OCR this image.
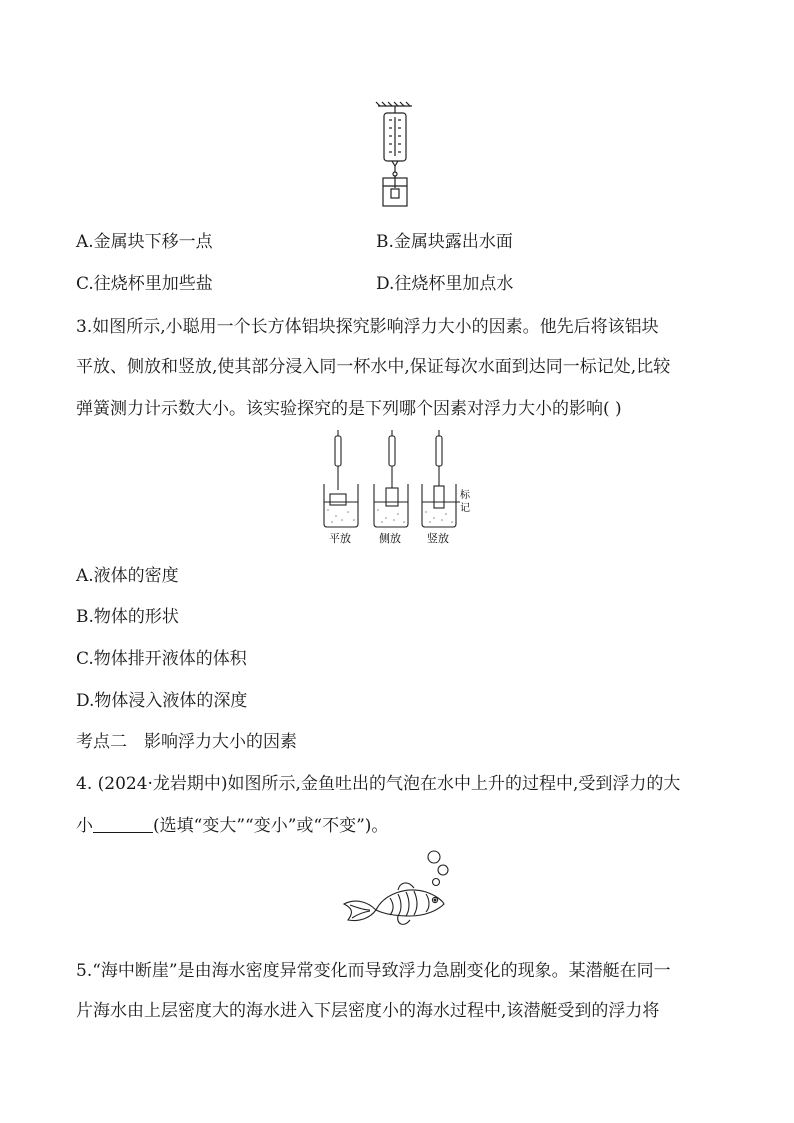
A.金属块下移一点	B.金属块露出水面
C.往烧杯里加些盐	D.往烧杯里加点水
3.如图所示,小聪用一个长方体铝块探究影响浮力大小的因素。他先后将该铝块
平放、侧放和竖放,使其部分浸入同一杯水中,保证每次水面到达同一标记处,比较
弹簧测力计示数大小。该实验探究的是下列哪个因素对浮力大小的影响( )
标
记
平放	侧放 竖放
A.液体的密度
B.物体的形状
C.物体排开液体的体积
D.物体浸入液体的深度
考点二　影响浮力大小的因素
4. (2024·龙岩期中)如图所示,金鱼吐出的气泡在水中上升的过程中,受到浮力的大
小	(选填“变大”“变小”或“不变”)。
5.“海中断崖”是由海水密度异常变化而导致浮力急剧变化的现象。某潜艇在同一
片海水由上层密度大的海水进入下层密度小的海水过程中,该潜艇受到的浮力将
